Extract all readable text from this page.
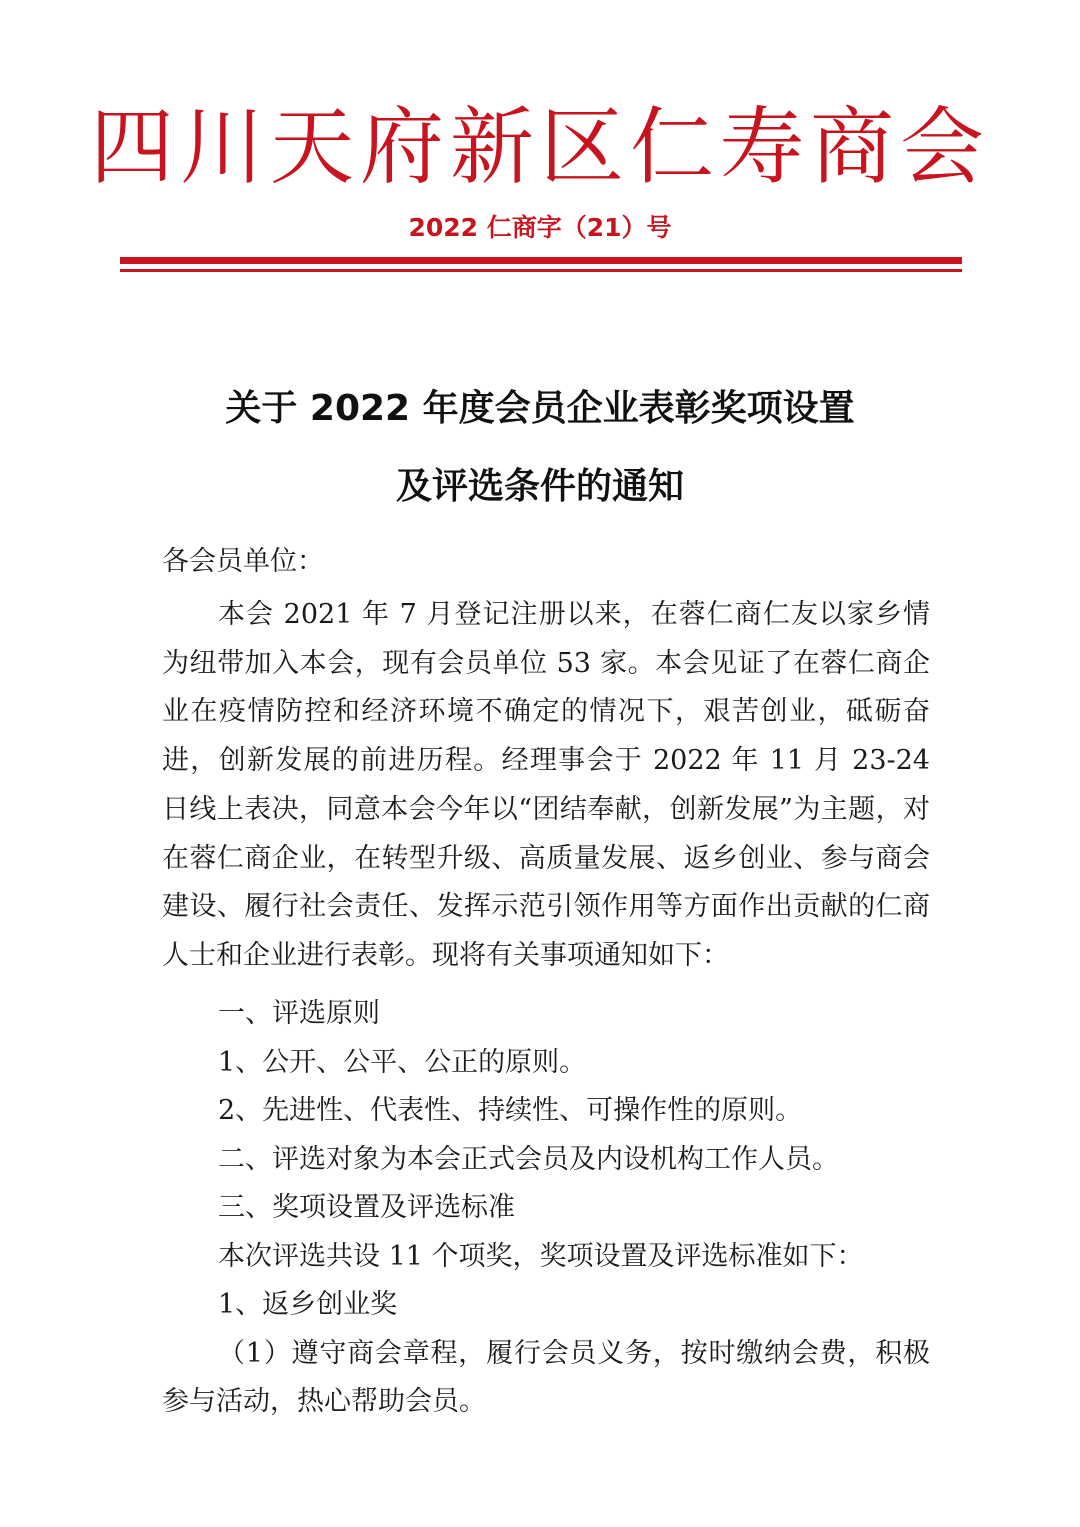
四川天府新区仁寿商会
2022 仁商字（21）号
关于 2022 年度会员企业表彰奖项设置
及评选条件的通知
各会员单位：
本会 2021 年 7 月登记注册以来，在蓉仁商仁友以家乡情为纽带加入本会，现有会员单位 53 家。本会见证了在蓉仁商企业在疫情防控和经济环境不确定的情况下，艰苦创业，砥砺奋进，创新发展的前进历程。经理事会于 2022 年 11 月 23-24 日线上表决，同意本会今年以“团结奉献，创新发展”为主题，对在蓉仁商企业，在转型升级、高质量发展、返乡创业、参与商会建设、履行社会责任、发挥示范引领作用等方面作出贡献的仁商人士和企业进行表彰。现将有关事项通知如下：
一、评选原则
1、公开、公平、公正的原则。
2、先进性、代表性、持续性、可操作性的原则。
二、评选对象为本会正式会员及内设机构工作人员。
三、奖项设置及评选标准
本次评选共设 11 个项奖，奖项设置及评选标准如下：
1、返乡创业奖
（1）遵守商会章程，履行会员义务，按时缴纳会费，积极参与活动，热心帮助会员。
